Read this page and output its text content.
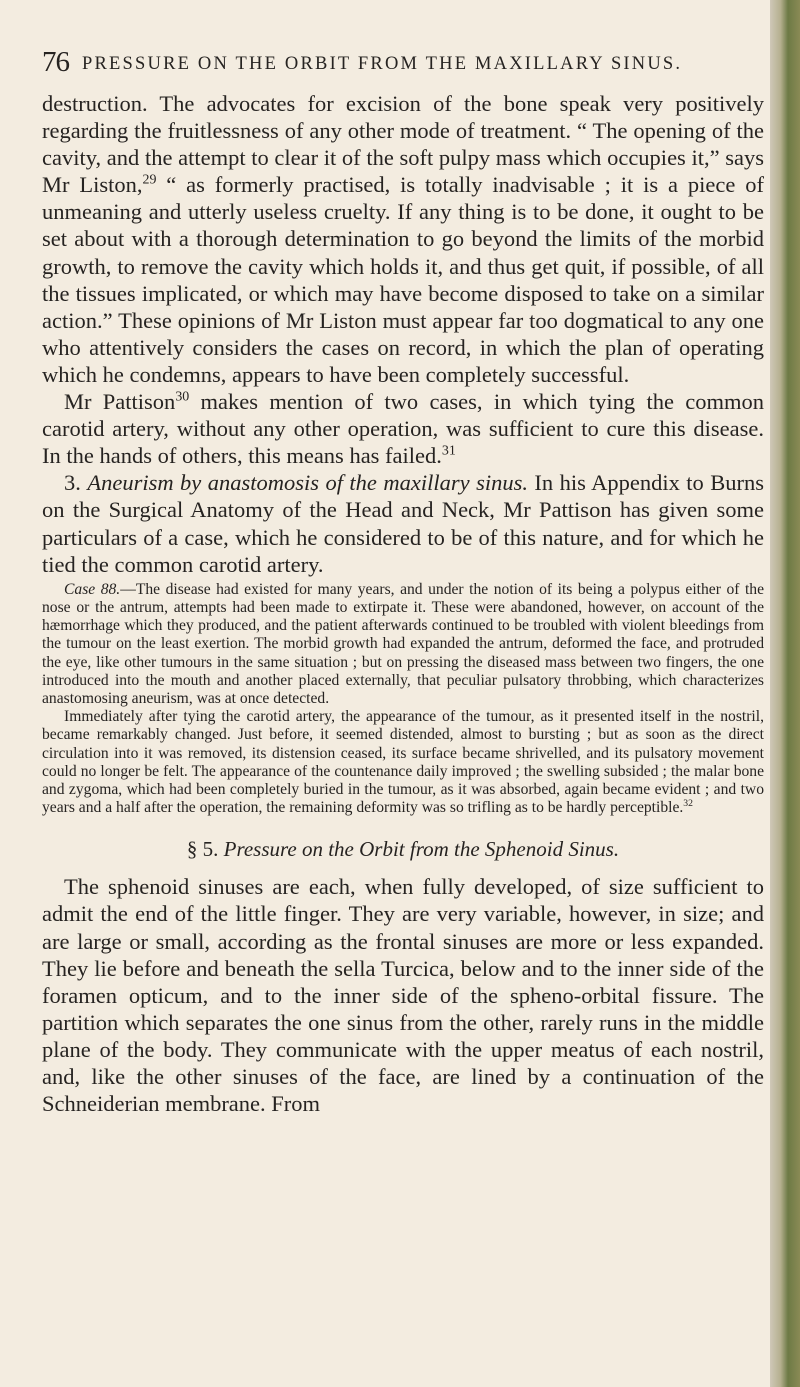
76 PRESSURE ON THE ORBIT FROM THE MAXILLARY SINUS.

destruction. The advocates for excision of the bone speak very positively regarding the fruitlessness of any other mode of treatment. “ The opening of the cavity, and the attempt to clear it of the soft pulpy mass which occupies it,” says Mr Liston,$^{29}$ “ as formerly practised, is totally inadvisable ; it is a piece of unmeaning and utterly useless cruelty. If any thing is to be done, it ought to be set about with a thorough determination to go beyond the limits of the morbid growth, to remove the cavity which holds it, and thus get quit, if possible, of all the tissues implicated, or which may have become disposed to take on a similar action.” These opinions of Mr Liston must appear far too dogmatical to any one who attentively considers the cases on record, in which the plan of operating which he condemns, appears to have been completely successful.

Mr Pattison$^{30}$ makes mention of two cases, in which tying the common carotid artery, without any other operation, was sufficient to cure this disease. In the hands of others, this means has failed.$^{31}$

3. Aneurism by anastomosis of the maxillary sinus. In his Appendix to Burns on the Surgical Anatomy of the Head and Neck, Mr Pattison has given some particulars of a case, which he considered to be of this nature, and for which he tied the common carotid artery.

Case 88.—The disease had existed for many years, and under the notion of its being a polypus either of the nose or the antrum, attempts had been made to extirpate it. These were abandoned, however, on account of the hæmorrhage which they produced, and the patient afterwards continued to be troubled with violent bleedings from the tumour on the least exertion. The morbid growth had expanded the antrum, deformed the face, and protruded the eye, like other tumours in the same situation ; but on pressing the diseased mass between two fingers, the one introduced into the mouth and another placed externally, that peculiar pulsatory throbbing, which characterizes anastomosing aneurism, was at once detected.

Immediately after tying the carotid artery, the appearance of the tumour, as it presented itself in the nostril, became remarkably changed. Just before, it seemed distended, almost to bursting ; but as soon as the direct circulation into it was removed, its distension ceased, its surface became shrivelled, and its pulsatory movement could no longer be felt. The appearance of the countenance daily improved ; the swelling subsided ; the malar bone and zygoma, which had been completely buried in the tumour, as it was absorbed, again became evident ; and two years and a half after the operation, the remaining deformity was so trifling as to be hardly perceptible.$^{32}$

§ 5. Pressure on the Orbit from the Sphenoid Sinus.

The sphenoid sinuses are each, when fully developed, of size sufficient to admit the end of the little finger. They are very variable, however, in size; and are large or small, according as the frontal sinuses are more or less expanded. They lie before and beneath the sella Turcica, below and to the inner side of the foramen opticum, and to the inner side of the spheno-orbital fissure. The partition which separates the one sinus from the other, rarely runs in the middle plane of the body. They communicate with the upper meatus of each nostril, and, like the other sinuses of the face, are lined by a continuation of the Schneiderian membrane. From
